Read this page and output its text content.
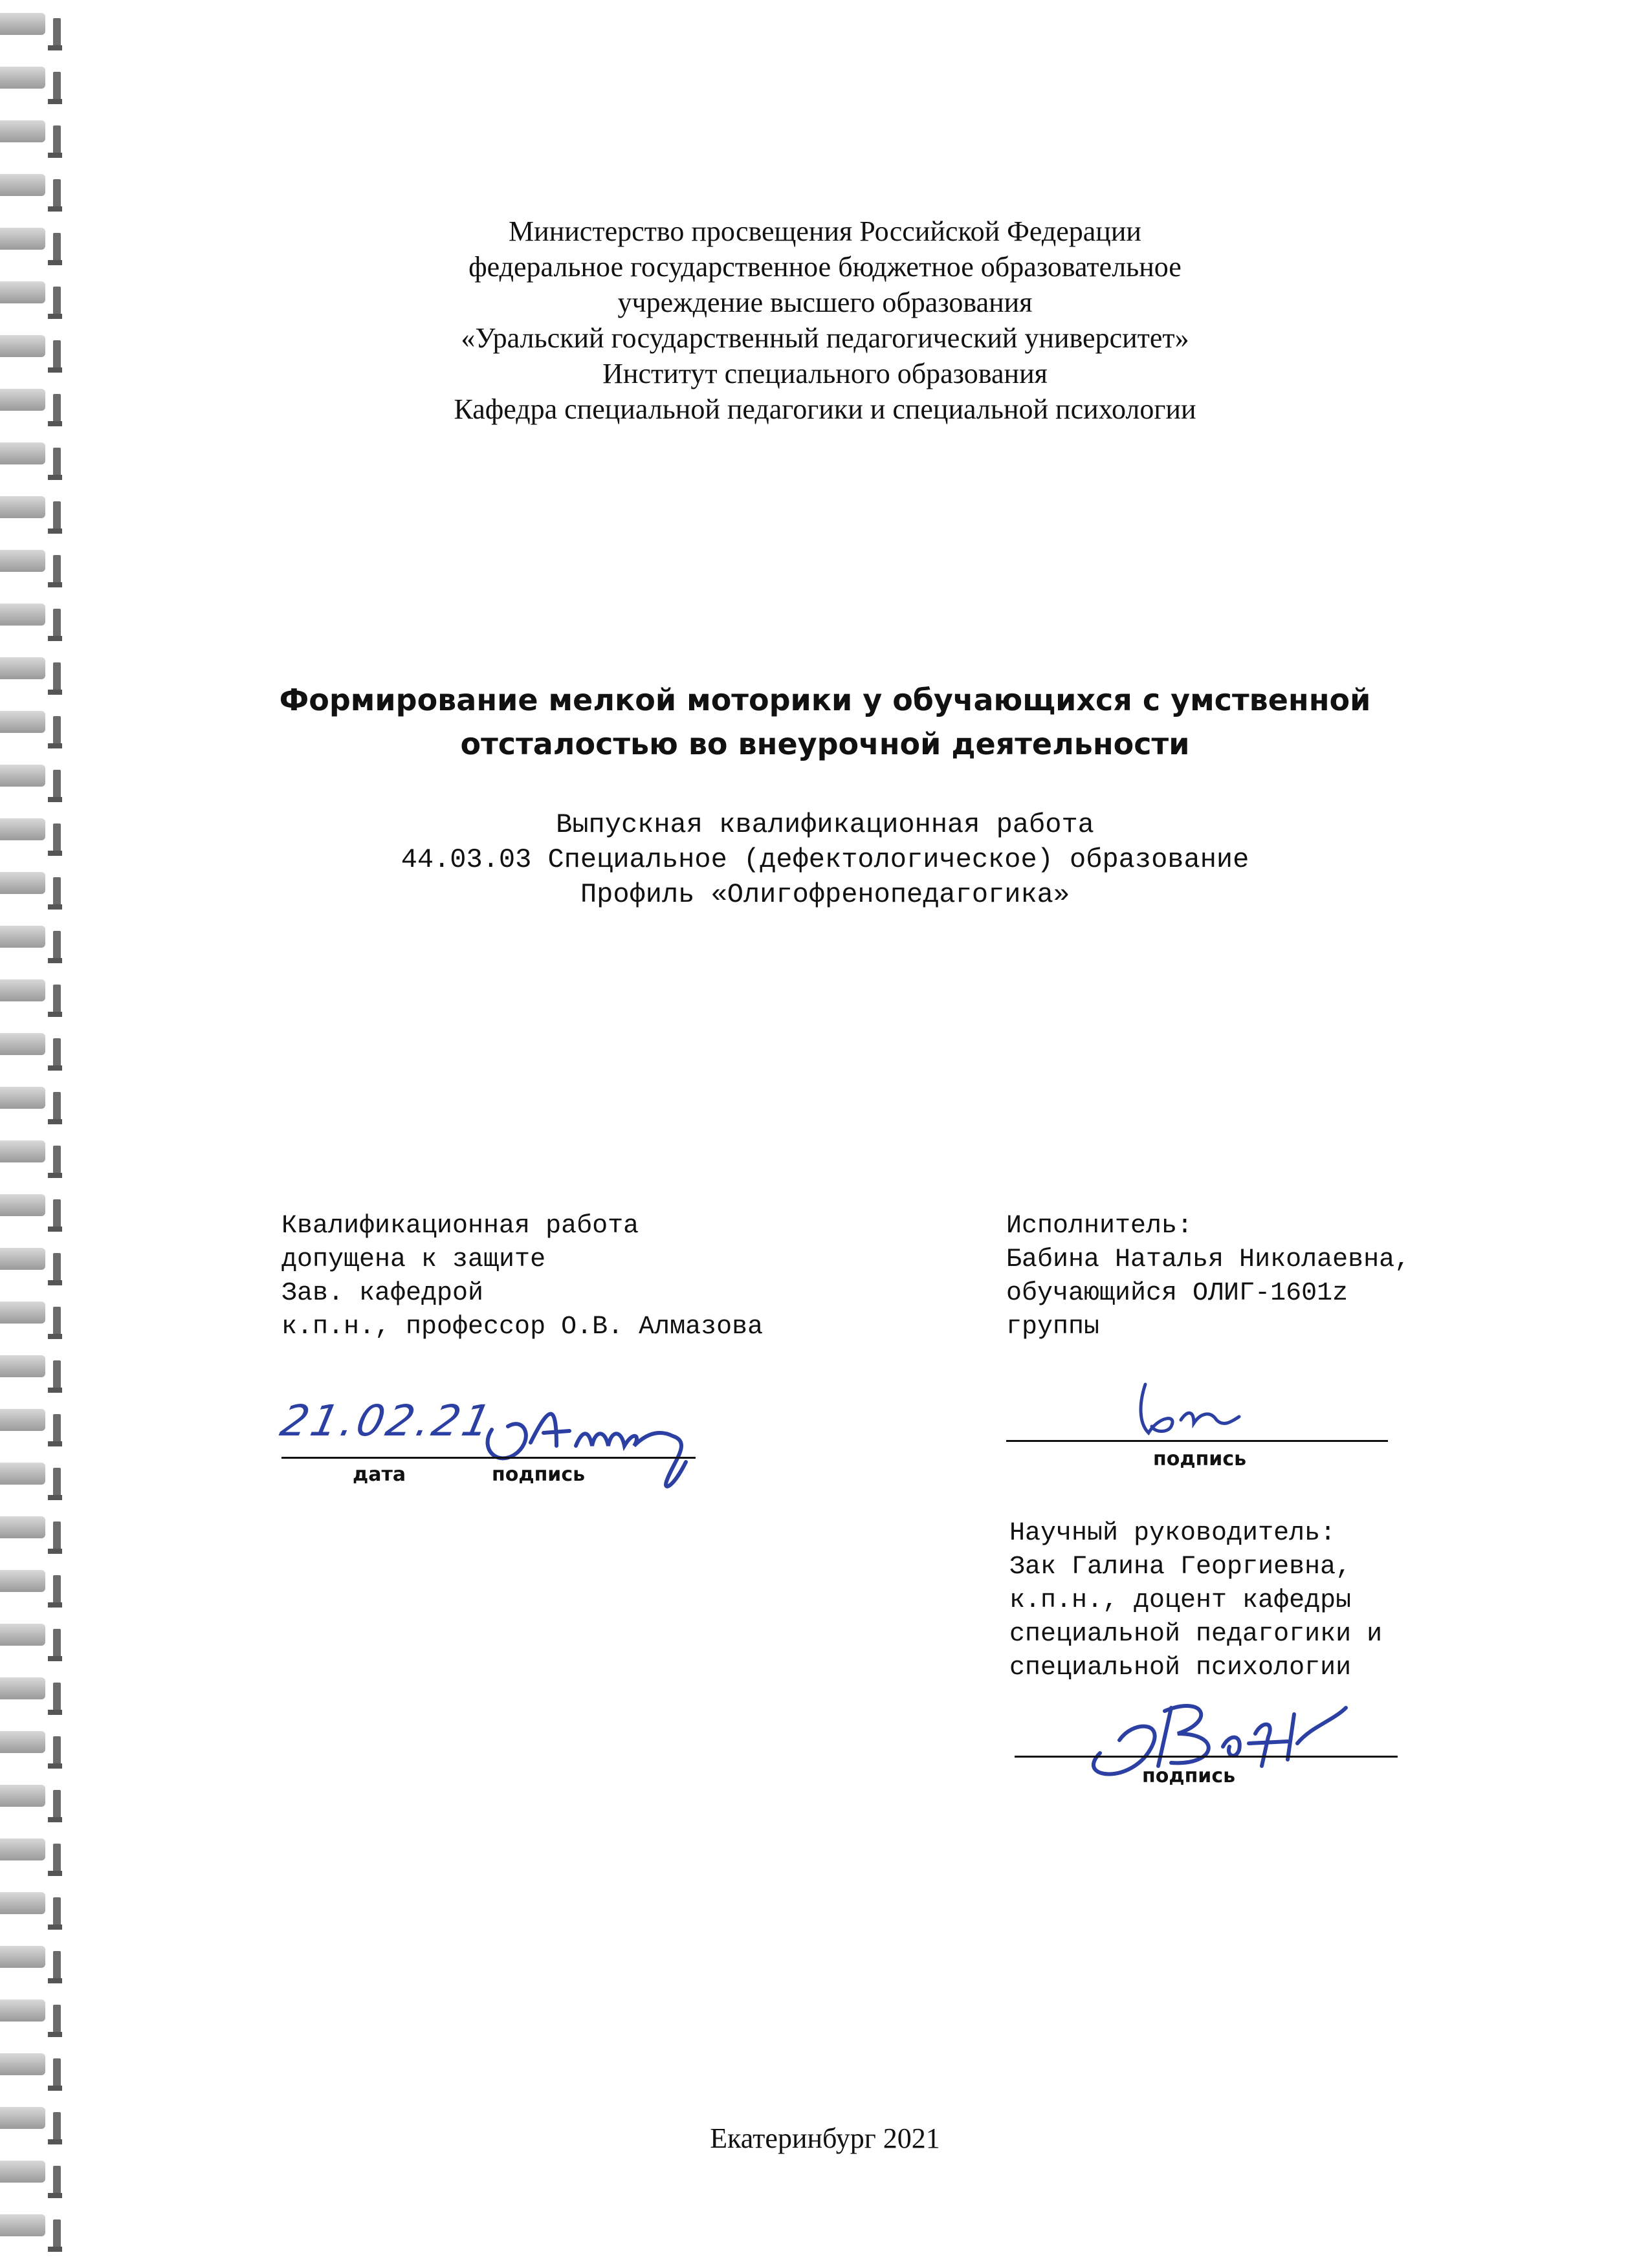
Министерство просвещения Российской Федерации
федеральное государственное бюджетное образовательное
учреждение высшего образования
«Уральский государственный педагогический университет»
Институт специального образования
Кафедра специальной педагогики и специальной психологии
Формирование мелкой моторики у обучающихся с умственной
отсталостью во внеурочной деятельности
Выпускная квалификационная работа
44.03.03 Специальное (дефектологическое) образование
Профиль «Олигофренопедагогика»
Квалификационная работа
допущена к защите
Зав. кафедрой
к.п.н., профессор О.В. Алмазова
21.02.21
дата	подпись
Исполнитель:
Бабина Наталья Николаевна,
обучающийся ОЛИГ-1601z
группы
подпись
Научный руководитель:
Зак Галина Георгиевна,
к.п.н., доцент кафедры
специальной педагогики и
специальной психологии
подпись
Екатеринбург 2021
